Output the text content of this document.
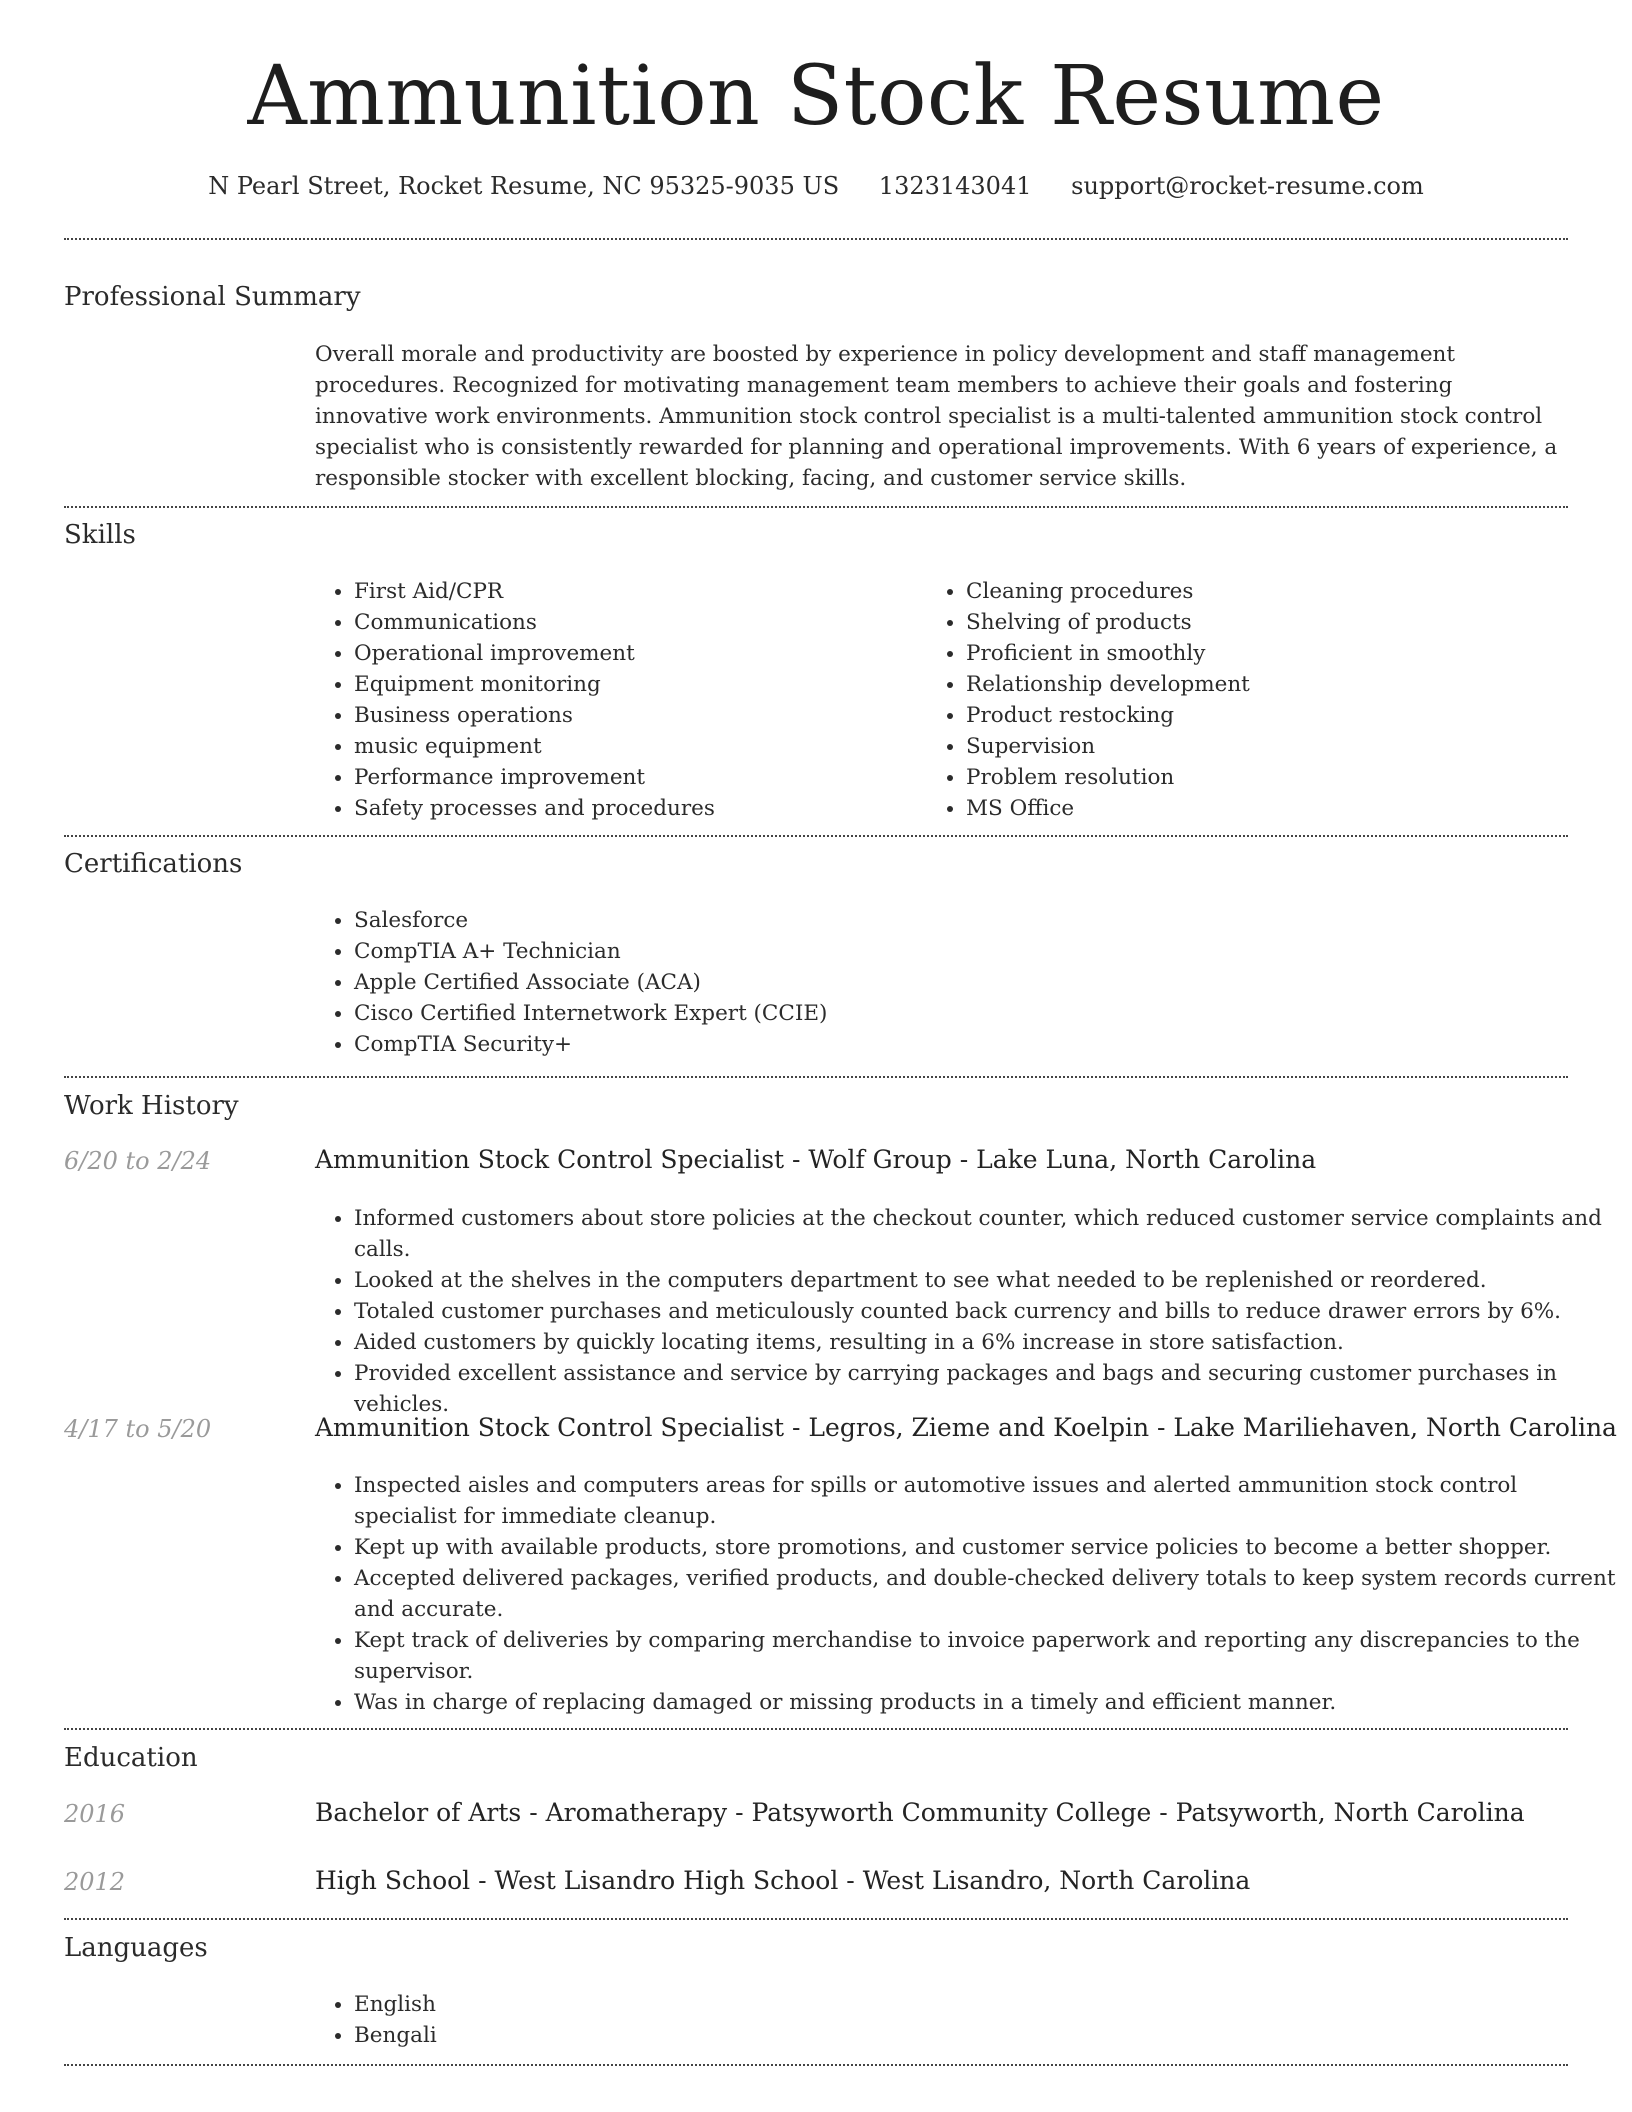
Ammunition Stock Resume
N Pearl Street, Rocket Resume, NC 95325-9035 US 1323143041 support@rocket-resume.com
Professional Summary

Overall morale and productivity are boosted by experience in policy development and staff management procedures. Recognized for motivating management team members to achieve their goals and fostering innovative work environments. Ammunition stock control specialist is a multi-talented ammunition stock control specialist who is consistently rewarded for planning and operational improvements. With 6 years of experience, a responsible stocker with excellent blocking, facing, and customer service skills.

Skills
• First Aid/CPR
• Communications
• Operational improvement
• Equipment monitoring
• Business operations
• music equipment
• Performance improvement
• Safety processes and procedures
• Cleaning procedures
• Shelving of products
• Proficient in smoothly
• Relationship development
• Product restocking
• Supervision
• Problem resolution
• MS Office
Certifications
• Salesforce
• CompTIA A+ Technician
• Apple Certified Associate (ACA)
• Cisco Certified Internetwork Expert (CCIE)
• CompTIA Security+
Work History
6/20 to 2/24	Ammunition Stock Control Specialist - Wolf Group - Lake Luna, North Carolina
• Informed customers about store policies at the checkout counter, which reduced customer service complaints and calls.
• Looked at the shelves in the computers department to see what needed to be replenished or reordered.
• Totaled customer purchases and meticulously counted back currency and bills to reduce drawer errors by 6%.
• Aided customers by quickly locating items, resulting in a 6% increase in store satisfaction.
• Provided excellent assistance and service by carrying packages and bags and securing customer purchases in vehicles.
4/17 to 5/20	Ammunition Stock Control Specialist - Legros, Zieme and Koelpin - Lake Mariliehaven, North Carolina
• Inspected aisles and computers areas for spills or automotive issues and alerted ammunition stock control specialist for immediate cleanup.
• Kept up with available products, store promotions, and customer service policies to become a better shopper.
• Accepted delivered packages, verified products, and double-checked delivery totals to keep system records current and accurate.
• Kept track of deliveries by comparing merchandise to invoice paperwork and reporting any discrepancies to the supervisor.
• Was in charge of replacing damaged or missing products in a timely and efficient manner.
Education
2016	Bachelor of Arts - Aromatherapy - Patsyworth Community College - Patsyworth, North Carolina
2012	High School - West Lisandro High School - West Lisandro, North Carolina
Languages
• English
• Bengali
